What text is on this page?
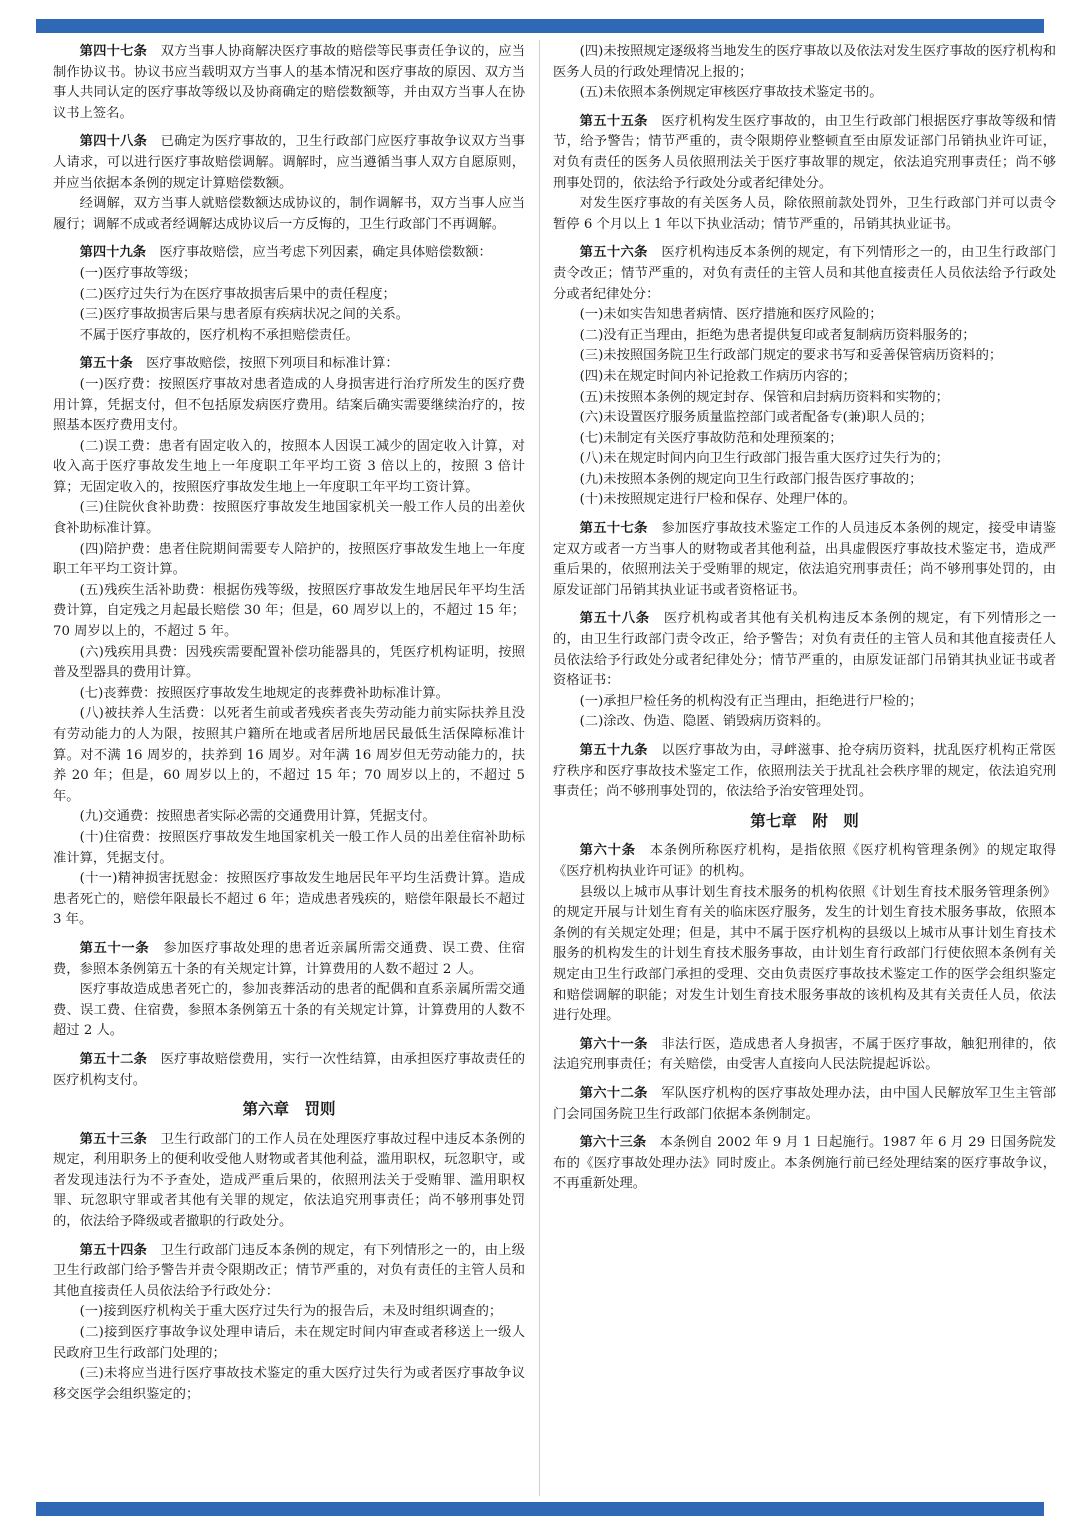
第四十七条　 双方当事人协商解决医疗事故的赔偿等民事责任争议的，应当制作协议书。协议书应当载明双方当事人的基本情况和医疗事故的原因、双方当事人共同认定的医疗事故等级以及协商确定的赔偿数额等，并由双方当事人在协议书上签名。

第四十八条　 已确定为医疗事故的，卫生行政部门应医疗事故争议双方当事人请求，可以进行医疗事故赔偿调解。调解时，应当遵循当事人双方自愿原则，并应当依据本条例的规定计算赔偿数额。

经调解，双方当事人就赔偿数额达成协议的，制作调解书，双方当事人应当履行；调解不成或者经调解达成协议后一方反悔的，卫生行政部门不再调解。

第四十九条　 医疗事故赔偿，应当考虑下列因素，确定具体赔偿数额：

(一)医疗事故等级；

(二)医疗过失行为在医疗事故损害后果中的责任程度；

(三)医疗事故损害后果与患者原有疾病状况之间的关系。

不属于医疗事故的，医疗机构不承担赔偿责任。

第五十条　 医疗事故赔偿，按照下列项目和标准计算：

(一)医疗费：按照医疗事故对患者造成的人身损害进行治疗所发生的医疗费用计算，凭据支付，但不包括原发病医疗费用。结案后确实需要继续治疗的，按照基本医疗费用支付。

(二)误工费：患者有固定收入的，按照本人因误工减少的固定收入计算，对收入高于医疗事故发生地上一年度职工年平均工资 3 倍以上的，按照 3 倍计算；无固定收入的，按照医疗事故发生地上一年度职工年平均工资计算。

(三)住院伙食补助费：按照医疗事故发生地国家机关一般工作人员的出差伙食补助标准计算。

(四)陪护费：患者住院期间需要专人陪护的，按照医疗事故发生地上一年度职工年平均工资计算。

(五)残疾生活补助费：根据伤残等级，按照医疗事故发生地居民年平均生活费计算，自定残之月起最长赔偿 30 年；但是，60 周岁以上的，不超过 15 年；70 周岁以上的，不超过 5 年。

(六)残疾用具费：因残疾需要配置补偿功能器具的，凭医疗机构证明，按照普及型器具的费用计算。

(七)丧葬费：按照医疗事故发生地规定的丧葬费补助标准计算。

(八)被扶养人生活费：以死者生前或者残疾者丧失劳动能力前实际扶养且没有劳动能力的人为限，按照其户籍所在地或者居所地居民最低生活保障标准计算。对不满 16 周岁的，扶养到 16 周岁。对年满 16 周岁但无劳动能力的，扶养 20 年；但是，60 周岁以上的，不超过 15 年；70 周岁以上的，不超过 5 年。

(九)交通费：按照患者实际必需的交通费用计算，凭据支付。

(十)住宿费：按照医疗事故发生地国家机关一般工作人员的出差住宿补助标准计算，凭据支付。

(十一)精神损害抚慰金：按照医疗事故发生地居民年平均生活费计算。造成患者死亡的，赔偿年限最长不超过 6 年；造成患者残疾的，赔偿年限最长不超过 3 年。

第五十一条　 参加医疗事故处理的患者近亲属所需交通费、误工费、住宿费，参照本条例第五十条的有关规定计算，计算费用的人数不超过 2 人。

医疗事故造成患者死亡的，参加丧葬活动的患者的配偶和直系亲属所需交通费、误工费、住宿费，参照本条例第五十条的有关规定计算，计算费用的人数不超过 2 人。

第五十二条　 医疗事故赔偿费用，实行一次性结算，由承担医疗事故责任的医疗机构支付。

第六章　罚则

第五十三条　 卫生行政部门的工作人员在处理医疗事故过程中违反本条例的规定，利用职务上的便利收受他人财物或者其他利益，滥用职权，玩忽职守，或者发现违法行为不予查处，造成严重后果的，依照刑法关于受贿罪、滥用职权罪、玩忽职守罪或者其他有关罪的规定，依法追究刑事责任；尚不够刑事处罚的，依法给予降级或者撤职的行政处分。

第五十四条　 卫生行政部门违反本条例的规定，有下列情形之一的，由上级卫生行政部门给予警告并责令限期改正；情节严重的，对负有责任的主管人员和其他直接责任人员依法给予行政处分：

(一)接到医疗机构关于重大医疗过失行为的报告后，未及时组织调查的；

(二)接到医疗事故争议处理申请后，未在规定时间内审查或者移送上一级人民政府卫生行政部门处理的；

(三)未将应当进行医疗事故技术鉴定的重大医疗过失行为或者医疗事故争议移交医学会组织鉴定的；

(四)未按照规定逐级将当地发生的医疗事故以及依法对发生医疗事故的医疗机构和医务人员的行政处理情况上报的；

(五)未依照本条例规定审核医疗事故技术鉴定书的。

第五十五条　 医疗机构发生医疗事故的，由卫生行政部门根据医疗事故等级和情节，给予警告；情节严重的，责令限期停业整顿直至由原发证部门吊销执业许可证，对负有责任的医务人员依照刑法关于医疗事故罪的规定，依法追究刑事责任；尚不够刑事处罚的，依法给予行政处分或者纪律处分。

对发生医疗事故的有关医务人员，除依照前款处罚外，卫生行政部门并可以责令暂停 6 个月以上 1 年以下执业活动；情节严重的，吊销其执业证书。

第五十六条　 医疗机构违反本条例的规定，有下列情形之一的，由卫生行政部门责令改正；情节严重的，对负有责任的主管人员和其他直接责任人员依法给予行政处分或者纪律处分：

(一)未如实告知患者病情、医疗措施和医疗风险的；

(二)没有正当理由，拒绝为患者提供复印或者复制病历资料服务的；

(三)未按照国务院卫生行政部门规定的要求书写和妥善保管病历资料的；

(四)未在规定时间内补记抢救工作病历内容的；

(五)未按照本条例的规定封存、保管和启封病历资料和实物的；

(六)未设置医疗服务质量监控部门或者配备专(兼)职人员的；

(七)未制定有关医疗事故防范和处理预案的；

(八)未在规定时间内向卫生行政部门报告重大医疗过失行为的；

(九)未按照本条例的规定向卫生行政部门报告医疗事故的；

(十)未按照规定进行尸检和保存、处理尸体的。

第五十七条　 参加医疗事故技术鉴定工作的人员违反本条例的规定，接受申请鉴定双方或者一方当事人的财物或者其他利益，出具虚假医疗事故技术鉴定书，造成严重后果的，依照刑法关于受贿罪的规定，依法追究刑事责任；尚不够刑事处罚的，由原发证部门吊销其执业证书或者资格证书。

第五十八条　 医疗机构或者其他有关机构违反本条例的规定，有下列情形之一的，由卫生行政部门责令改正，给予警告；对负有责任的主管人员和其他直接责任人员依法给予行政处分或者纪律处分；情节严重的，由原发证部门吊销其执业证书或者资格证书：

(一)承担尸检任务的机构没有正当理由，拒绝进行尸检的；

(二)涂改、伪造、隐匿、销毁病历资料的。

第五十九条　 以医疗事故为由，寻衅滋事、抢夺病历资料，扰乱医疗机构正常医疗秩序和医疗事故技术鉴定工作，依照刑法关于扰乱社会秩序罪的规定，依法追究刑事责任；尚不够刑事处罚的，依法给予治安管理处罚。

第七章　附　则

第六十条　 本条例所称医疗机构，是指依照《医疗机构管理条例》的规定取得《医疗机构执业许可证》的机构。

县级以上城市从事计划生育技术服务的机构依照《计划生育技术服务管理条例》的规定开展与计划生育有关的临床医疗服务，发生的计划生育技术服务事故，依照本条例的有关规定处理；但是，其中不属于医疗机构的县级以上城市从事计划生育技术服务的机构发生的计划生育技术服务事故，由计划生育行政部门行使依照本条例有关规定由卫生行政部门承担的受理、交由负责医疗事故技术鉴定工作的医学会组织鉴定和赔偿调解的职能；对发生计划生育技术服务事故的该机构及其有关责任人员，依法进行处理。

第六十一条　 非法行医，造成患者人身损害，不属于医疗事故，触犯刑律的，依法追究刑事责任；有关赔偿，由受害人直接向人民法院提起诉讼。

第六十二条　 军队医疗机构的医疗事故处理办法，由中国人民解放军卫生主管部门会同国务院卫生行政部门依据本条例制定。

第六十三条　 本条例自 2002 年 9 月 1 日起施行。1987 年 6 月 29 日国务院发布的《医疗事故处理办法》同时废止。本条例施行前已经处理结案的医疗事故争议，不再重新处理。
